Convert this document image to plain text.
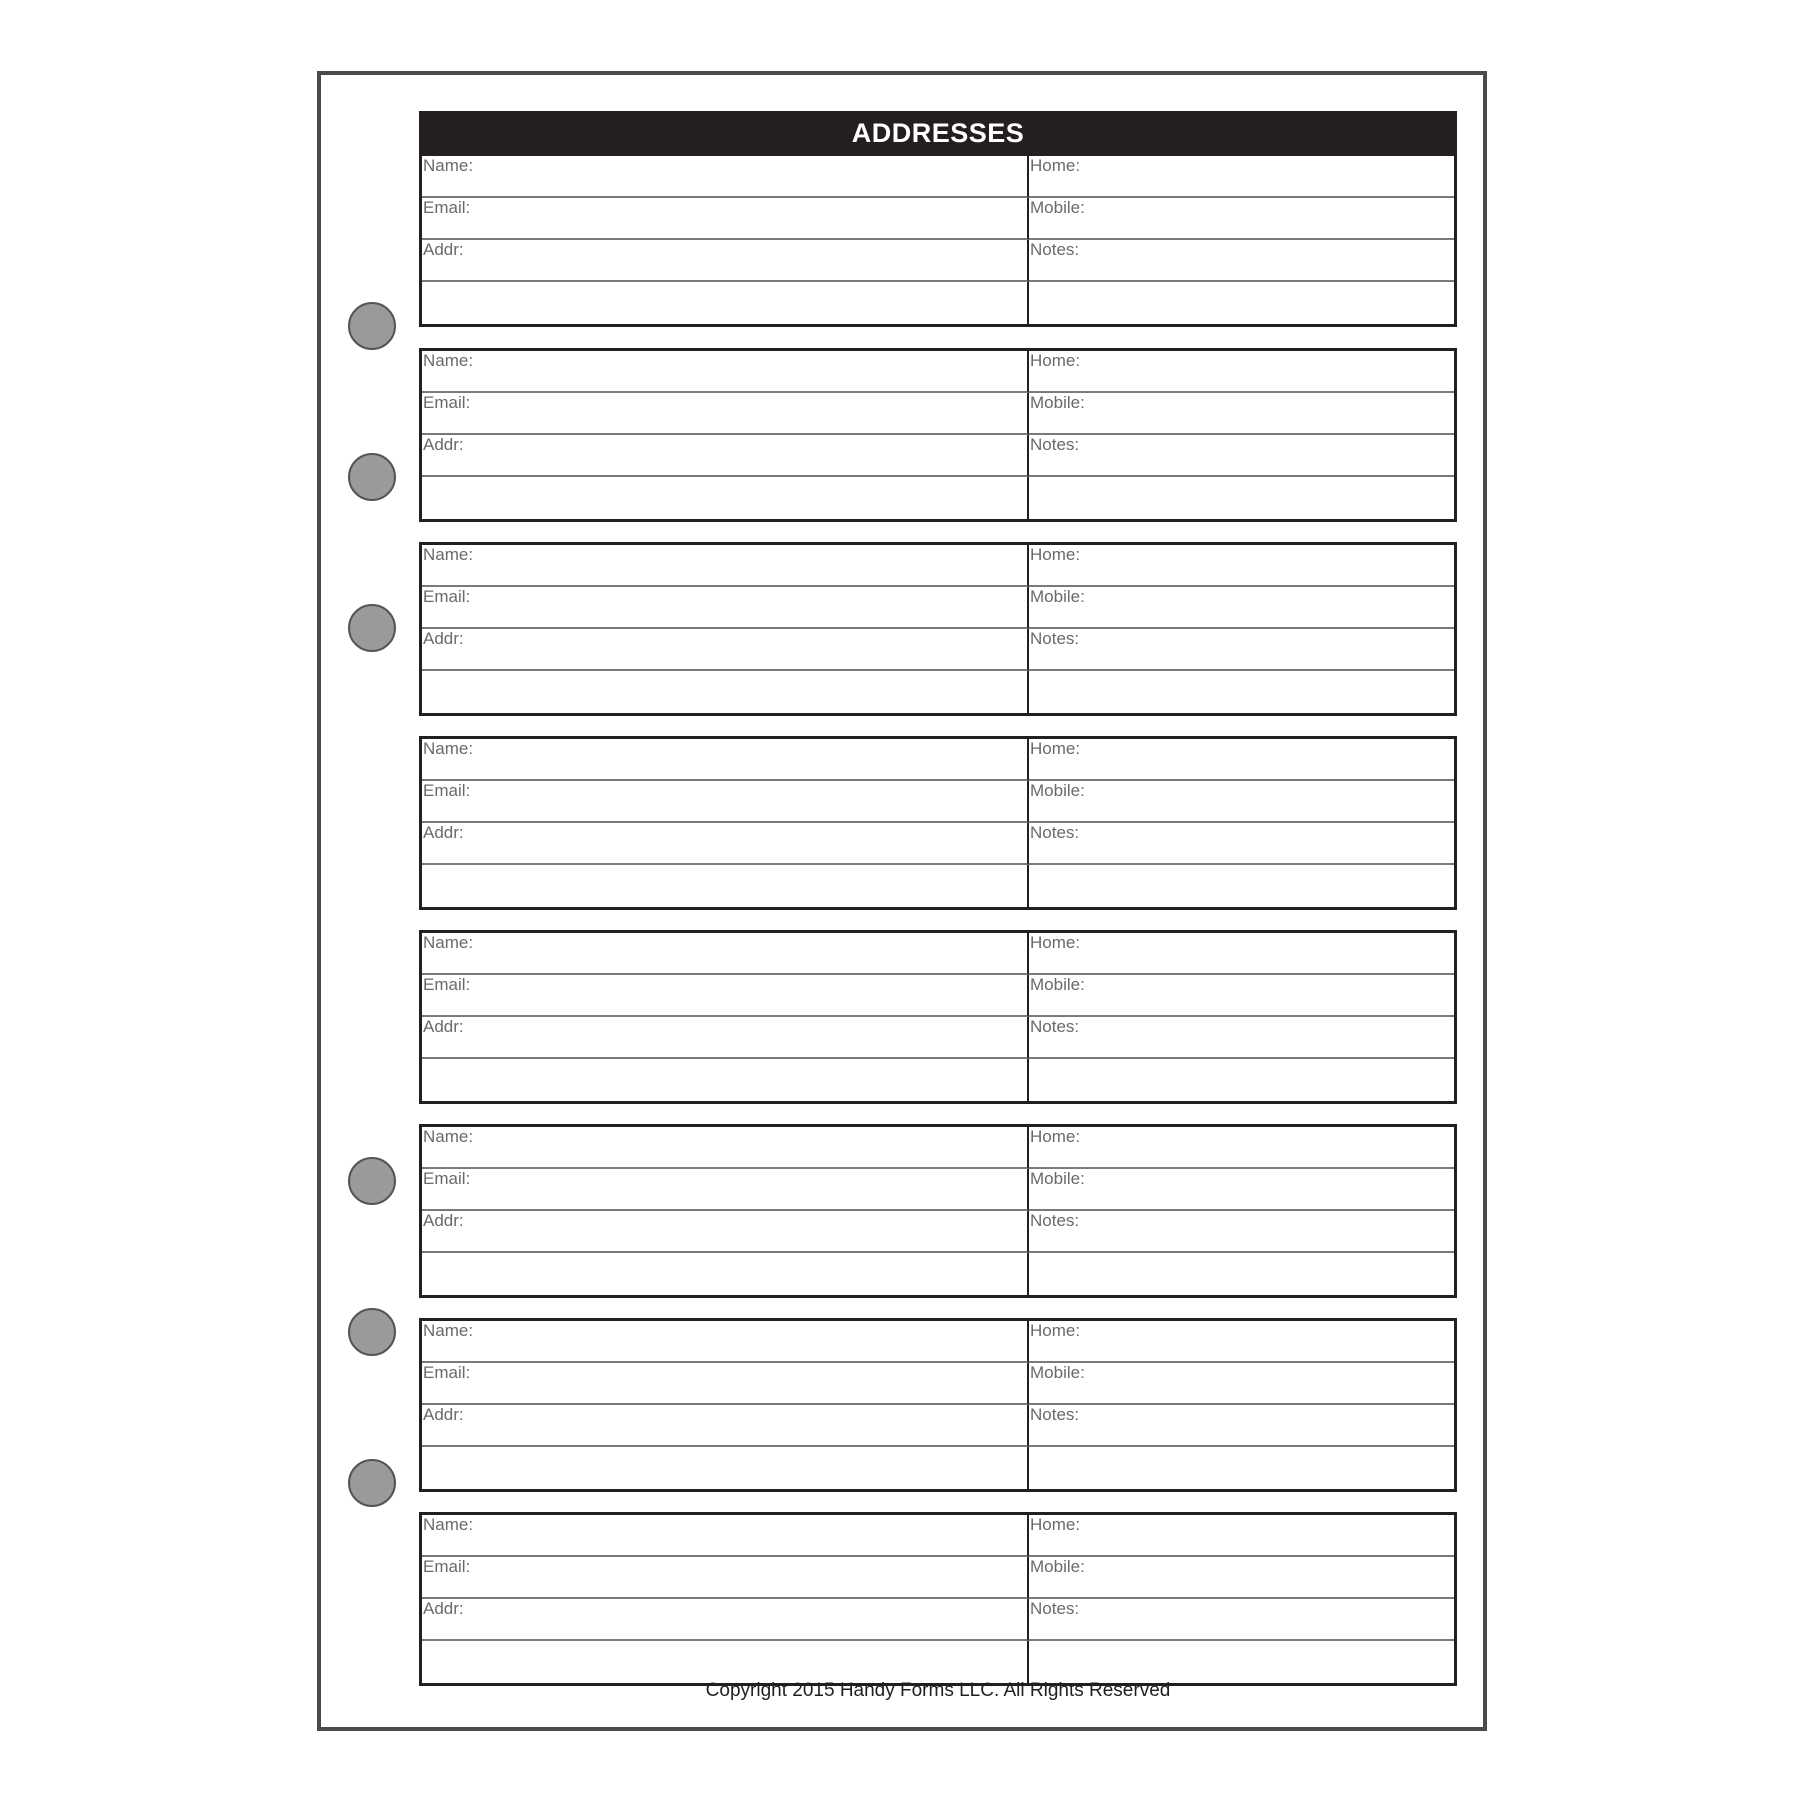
ADDRESSES
Name:	Home:
Email:	Mobile:
Addr:	Notes:
Name:	Home:
Email:	Mobile:
Addr:	Notes:
Name:	Home:
Email:	Mobile:
Addr:	Notes:
Name:	Home:
Email:	Mobile:
Addr:	Notes:
Name:	Home:
Email:	Mobile:
Addr:	Notes:
Name:	Home:
Email:	Mobile:
Addr:	Notes:
Name:	Home:
Email:	Mobile:
Addr:	Notes:
Name:	Home:
Email:	Mobile:
Addr:	Notes:
Copyright 2015 Handy Forms LLC. All Rights Reserved
